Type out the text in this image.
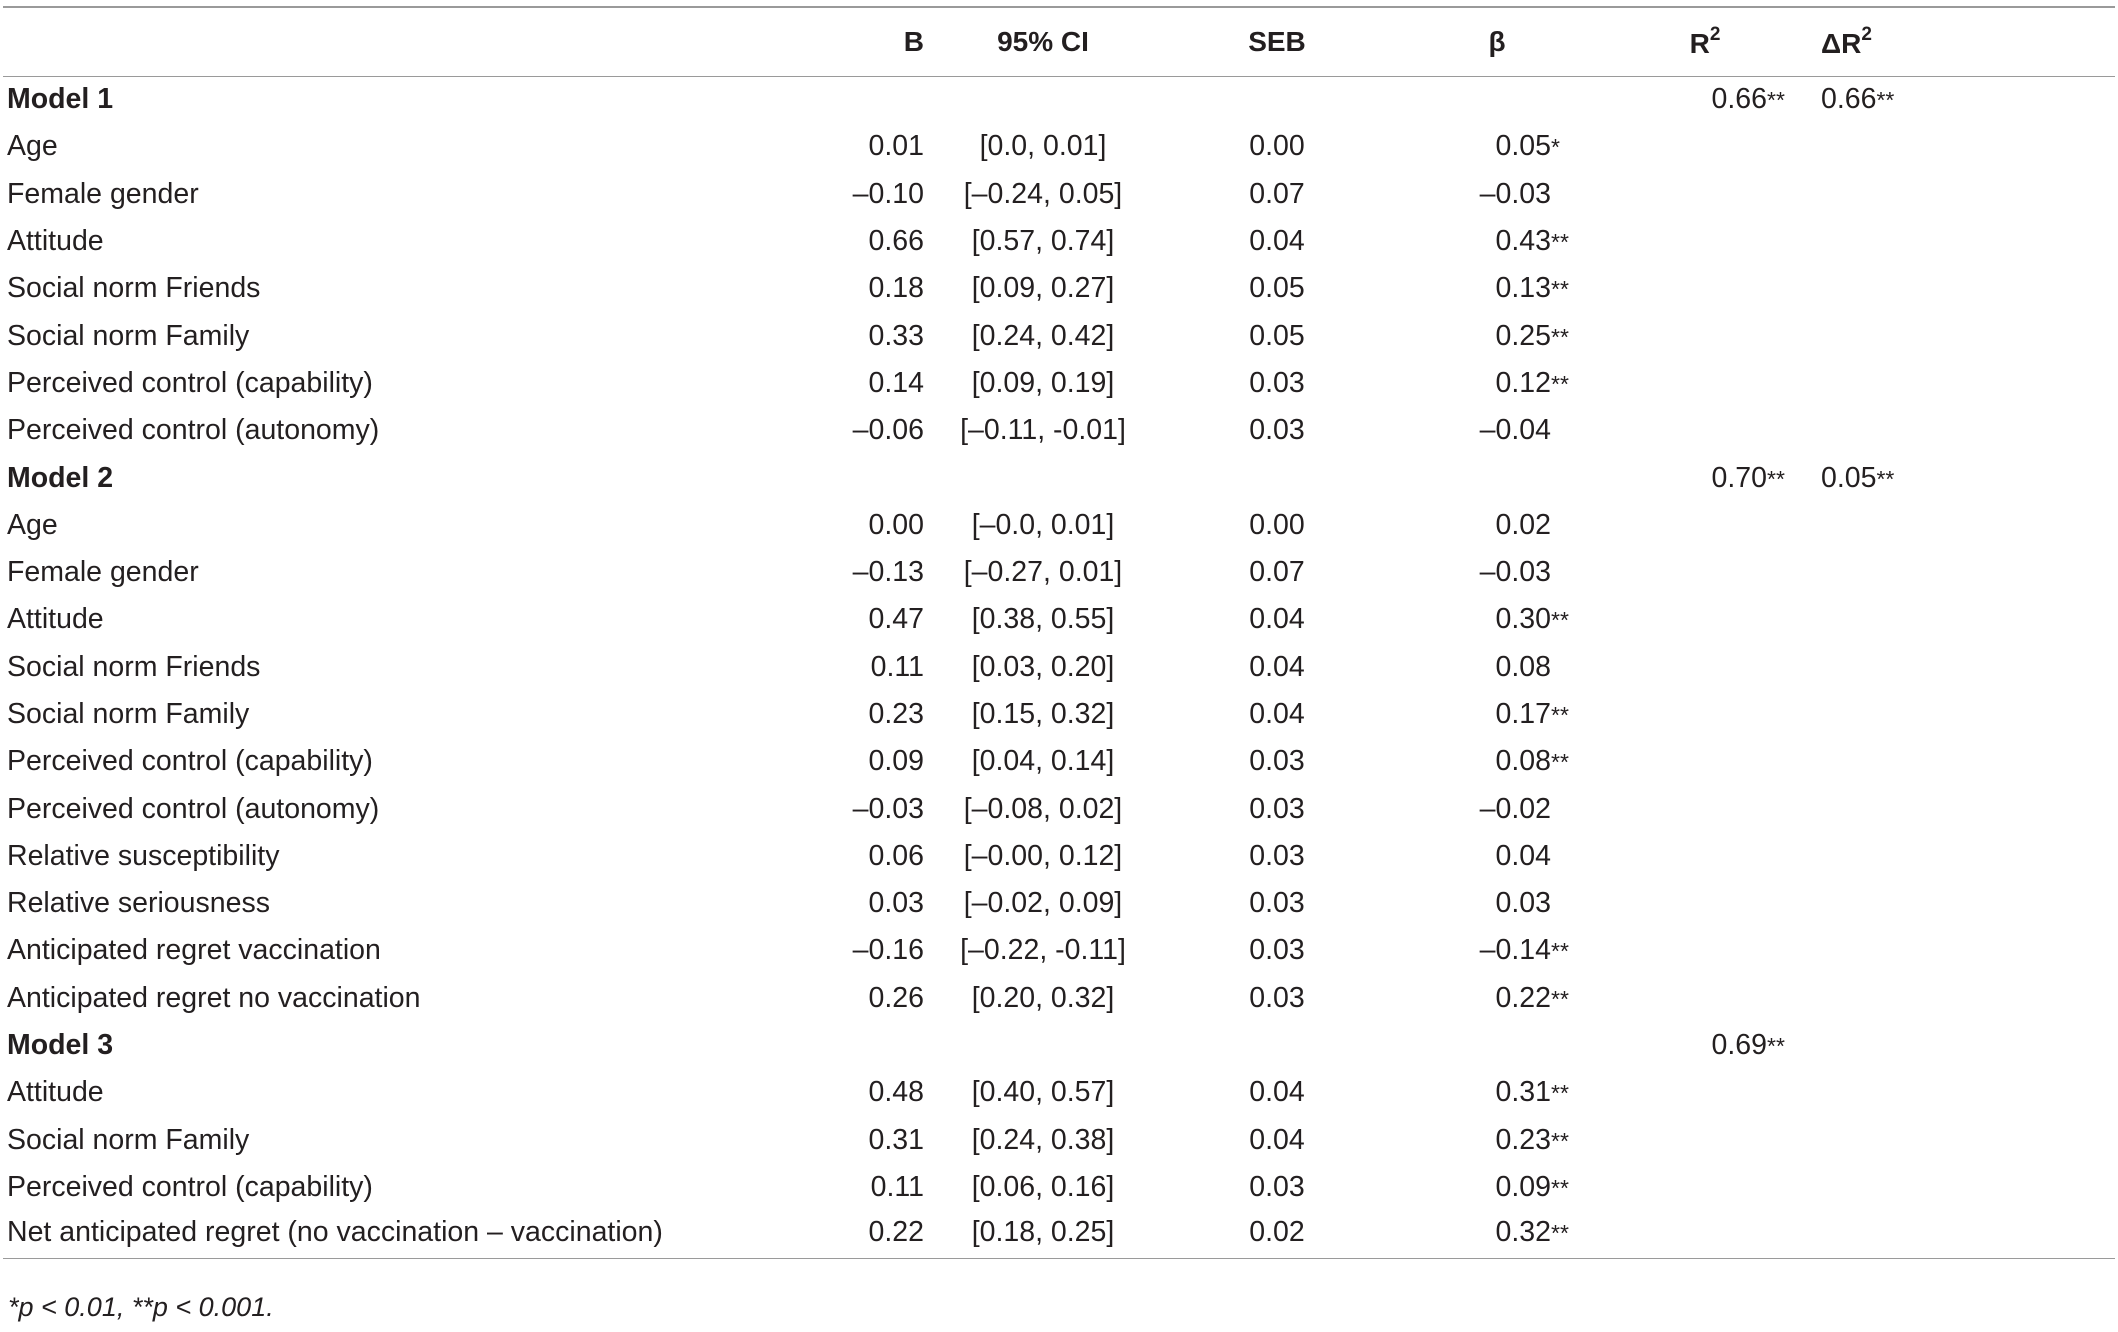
	B	95% CI	SEB	β	$R^2$	$\Delta R^2$
Model 1					0.66**	0.66**
Age	0.01	[0.0, 0.01]	0.00	0.05*		
Female gender	–0.10	[–0.24, 0.05]	0.07	–0.03		
Attitude	0.66	[0.57, 0.74]	0.04	0.43**		
Social norm Friends	0.18	[0.09, 0.27]	0.05	0.13**		
Social norm Family	0.33	[0.24, 0.42]	0.05	0.25**		
Perceived control (capability)	0.14	[0.09, 0.19]	0.03	0.12**		
Perceived control (autonomy)	–0.06	[–0.11, -0.01]	0.03	–0.04		
Model 2					0.70**	0.05**
Age	0.00	[–0.0, 0.01]	0.00	0.02		
Female gender	–0.13	[–0.27, 0.01]	0.07	–0.03		
Attitude	0.47	[0.38, 0.55]	0.04	0.30**		
Social norm Friends	0.11	[0.03, 0.20]	0.04	0.08		
Social norm Family	0.23	[0.15, 0.32]	0.04	0.17**		
Perceived control (capability)	0.09	[0.04, 0.14]	0.03	0.08**		
Perceived control (autonomy)	–0.03	[–0.08, 0.02]	0.03	–0.02		
Relative susceptibility	0.06	[–0.00, 0.12]	0.03	0.04		
Relative seriousness	0.03	[–0.02, 0.09]	0.03	0.03		
Anticipated regret vaccination	–0.16	[–0.22, -0.11]	0.03	–0.14**		
Anticipated regret no vaccination	0.26	[0.20, 0.32]	0.03	0.22**		
Model 3					0.69**	
Attitude	0.48	[0.40, 0.57]	0.04	0.31**		
Social norm Family	0.31	[0.24, 0.38]	0.04	0.23**		
Perceived control (capability)	0.11	[0.06, 0.16]	0.03	0.09**		
Net anticipated regret (no vaccination – vaccination)	0.22	[0.18, 0.25]	0.02	0.32**		
*p < 0.01, **p < 0.001.
